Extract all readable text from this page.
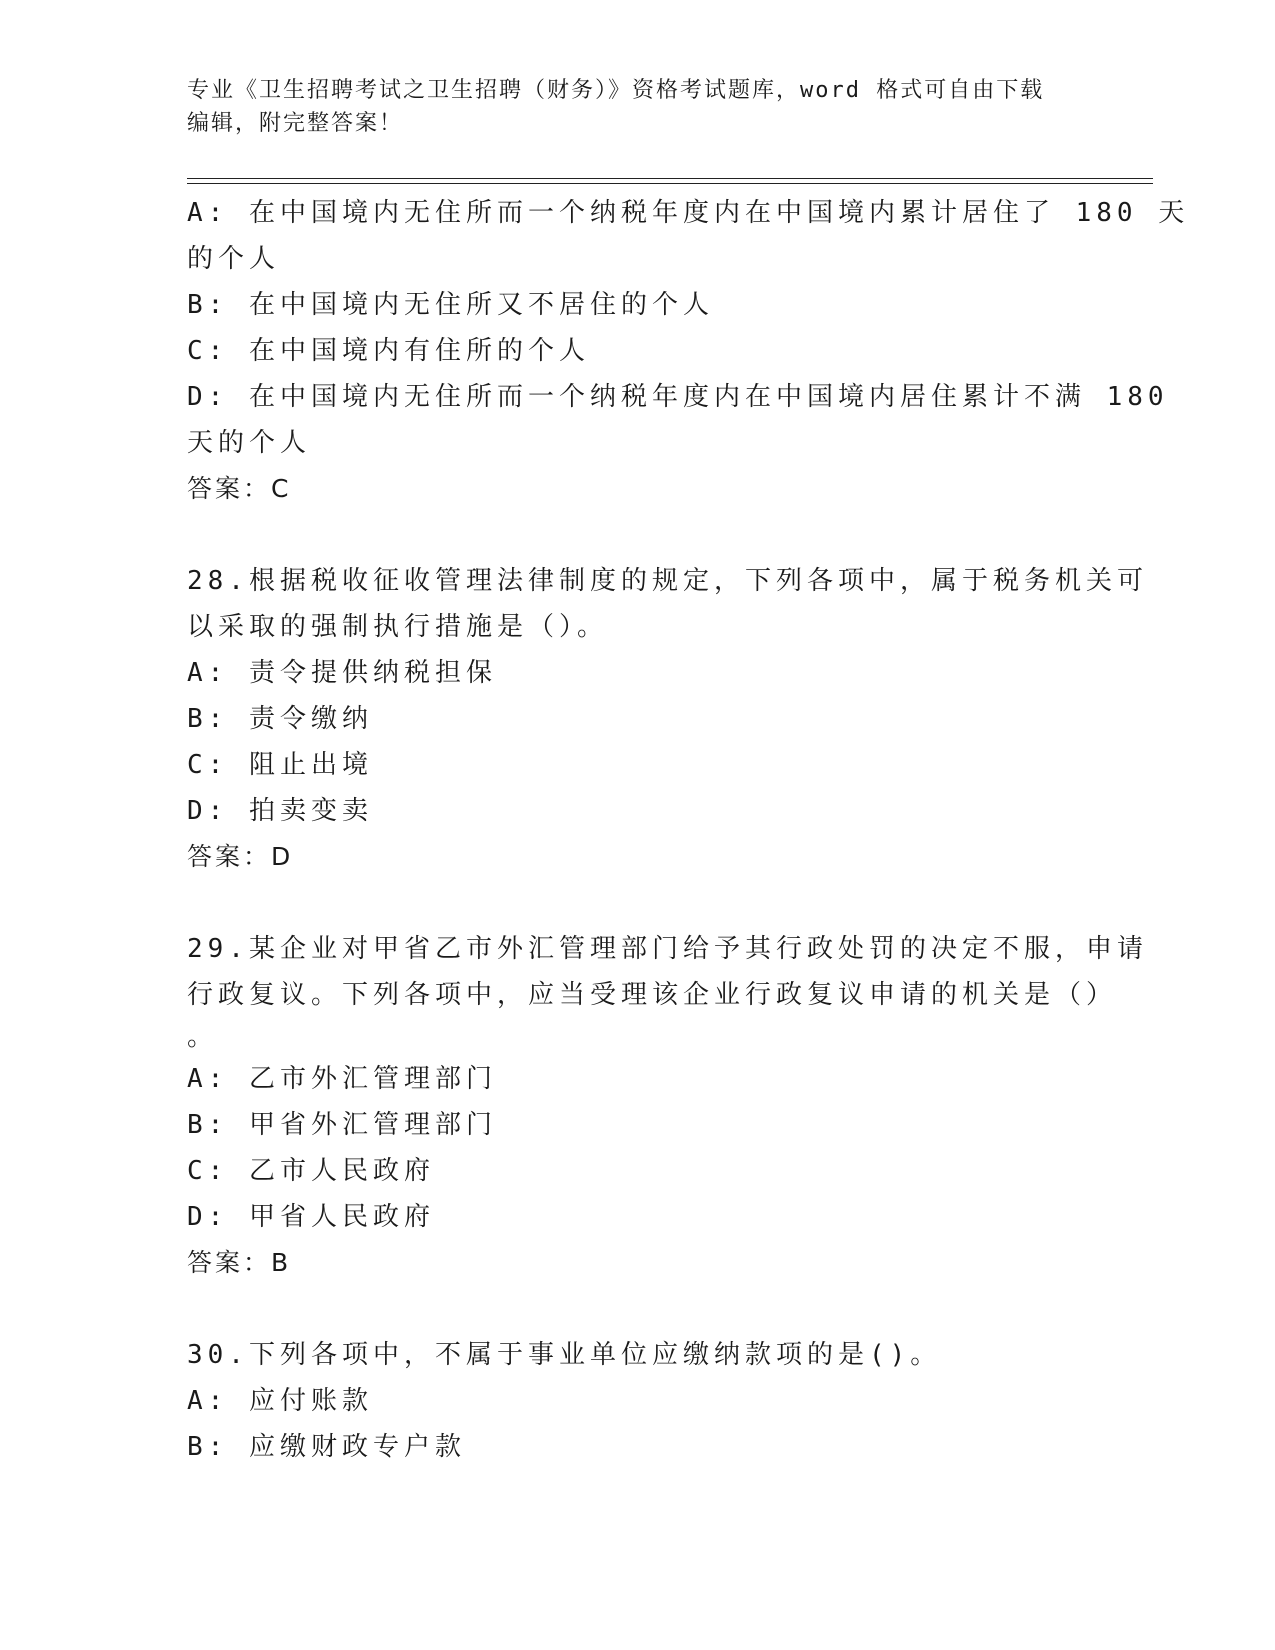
专业《卫生招聘考试之卫生招聘（财务）》资格考试题库，word 格式可自由下载
编辑，附完整答案！
A: 在中国境内无住所而一个纳税年度内在中国境内累计居住了 180 天
的个人
B: 在中国境内无住所又不居住的个人
C: 在中国境内有住所的个人
D: 在中国境内无住所而一个纳税年度内在中国境内居住累计不满 180
天的个人
答案：C
28.根据税收征收管理法律制度的规定，下列各项中，属于税务机关可
以采取的强制执行措施是（）。
A: 责令提供纳税担保
B: 责令缴纳
C: 阻止出境
D: 拍卖变卖
答案：D
29.某企业对甲省乙市外汇管理部门给予其行政处罚的决定不服，申请
行政复议。下列各项中，应当受理该企业行政复议申请的机关是（）
。
A: 乙市外汇管理部门
B: 甲省外汇管理部门
C: 乙市人民政府
D: 甲省人民政府
答案：B
30.下列各项中，不属于事业单位应缴纳款项的是()。
A: 应付账款
B: 应缴财政专户款
